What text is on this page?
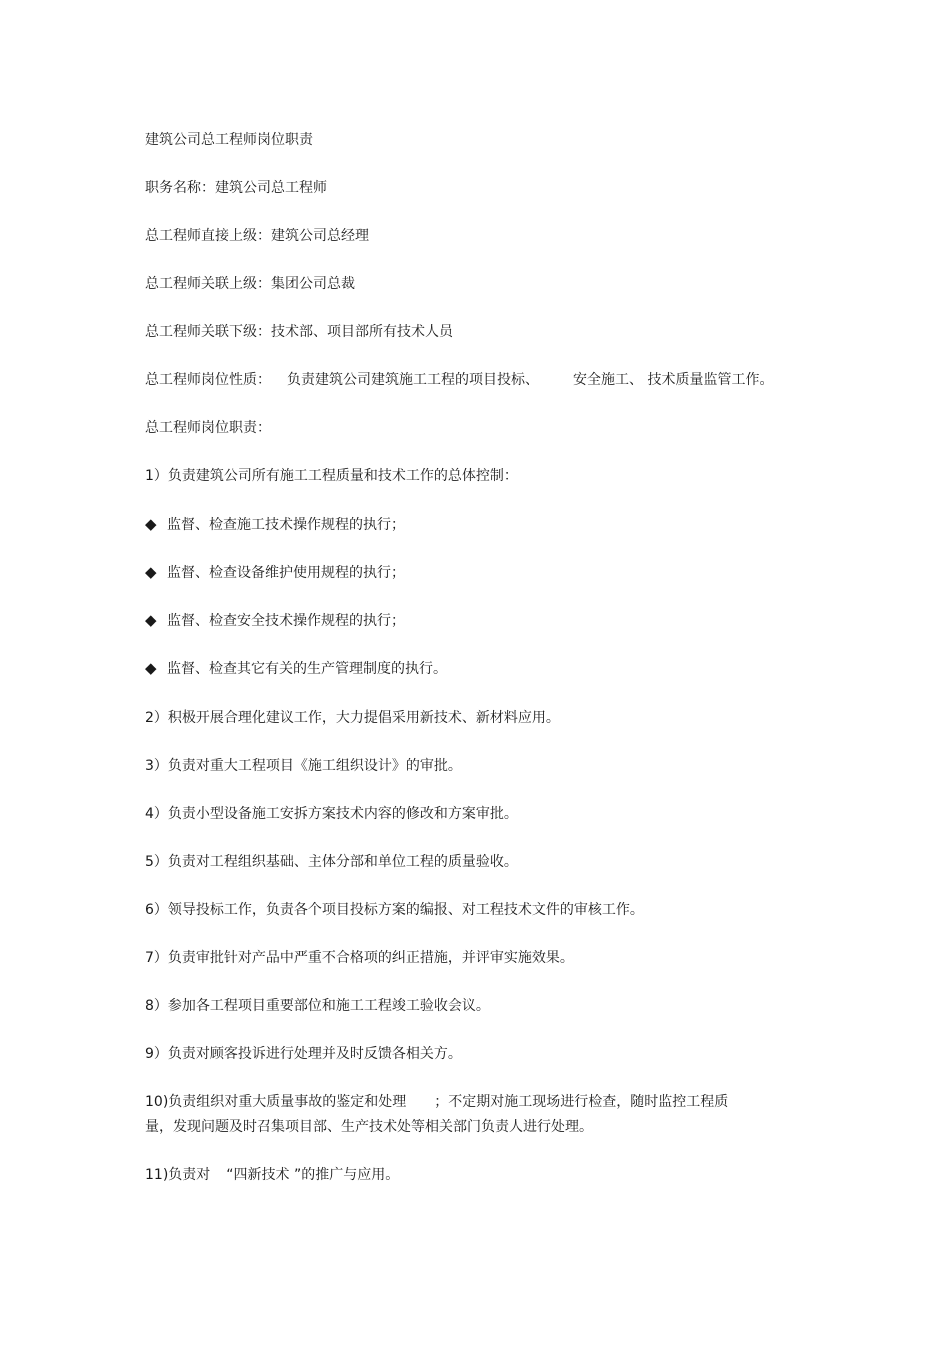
建筑公司总工程师岗位职责
职务名称：建筑公司总工程师
总工程师直接上级：建筑公司总经理
总工程师关联上级：集团公司总裁
总工程师关联下级：技术部、项目部所有技术人员
总工程师岗位性质： 负责建筑公司建筑施工工程的项目投标、 安全施工、 技术质量监管工作。
总工程师岗位职责：
1）负责建筑公司所有施工工程质量和技术工作的总体控制：
◆ 监督、检查施工技术操作规程的执行；
◆ 监督、检查设备维护使用规程的执行；
◆ 监督、检查安全技术操作规程的执行；
◆ 监督、检查其它有关的生产管理制度的执行。
2）积极开展合理化建议工作，大力提倡采用新技术、新材料应用。
3）负责对重大工程项目《施工组织设计》的审批。
4）负责小型设备施工安拆方案技术内容的修改和方案审批。
5）负责对工程组织基础、主体分部和单位工程的质量验收。
6）领导投标工作，负责各个项目投标方案的编报、对工程技术文件的审核工作。
7）负责审批针对产品中严重不合格项的纠正措施，并评审实施效果。
8）参加各工程项目重要部位和施工工程竣工验收会议。
9）负责对顾客投诉进行处理并及时反馈各相关方。
10)负责组织对重大质量事故的鉴定和处理 ；不定期对施工现场进行检查，随时监控工程质
量，发现问题及时召集项目部、生产技术处等相关部门负责人进行处理。
11)负责对 “四新技术 ”的推广与应用。
